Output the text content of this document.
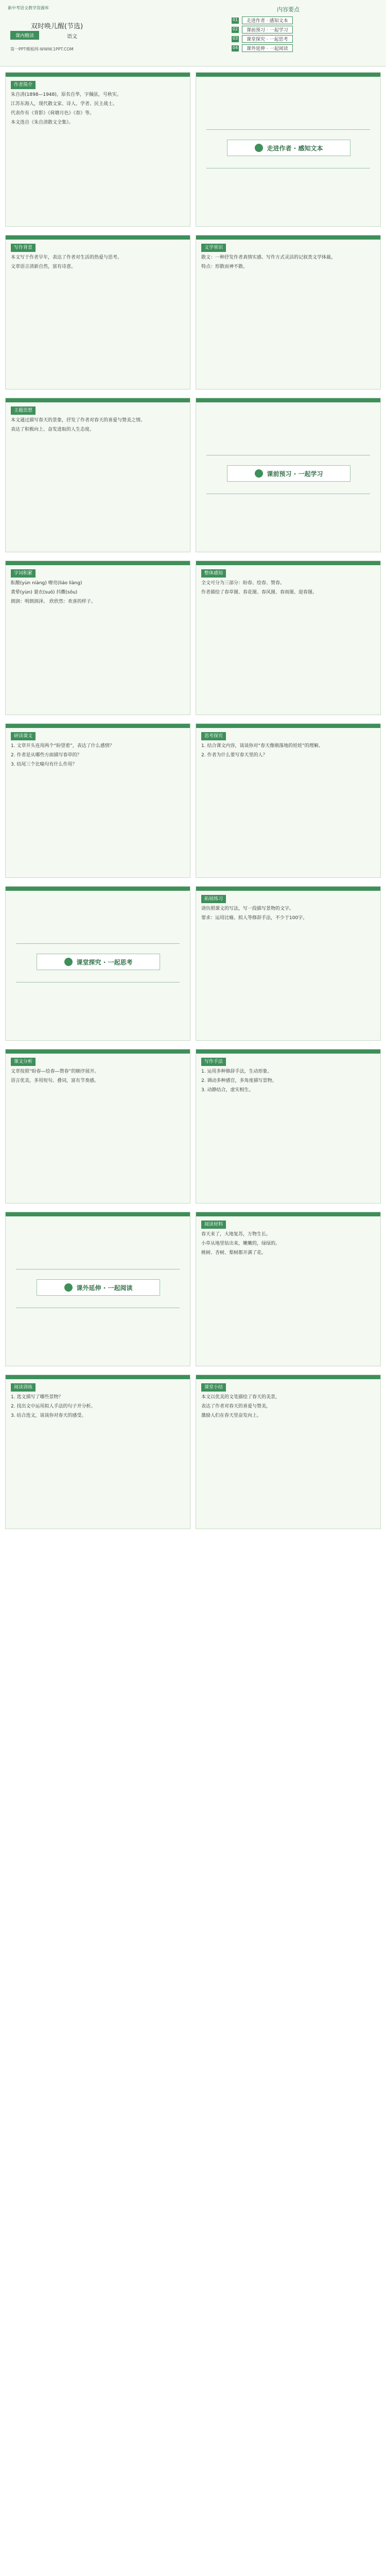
新中考语文教学资源库
双时唤儿醒(节选)
课内精读	语文
第一PPT模板网-WWW.1PPT.COM
内容要点
01	走进作者 · 感知文本
02	课前预习 · 一起学习
03	课堂探究 · 一起思考
04	课外延伸 · 一起阅读
作者简介

朱自清(1898—1948)，原名自华，字佩弦，号秋实。

江苏东海人，现代散文家、诗人、学者、民主战士。

代表作有《背影》《荷塘月色》《春》等。

本文选自《朱自清散文全集》。

走进作者 · 感知文本
写作背景

本文写于作者早年，表达了作者对生活的热爱与思考。

文章语言清新自然，富有诗意。

文学常识

散文：一种抒发作者真情实感、写作方式灵活的记叙类文学体裁。

特点：形散而神不散。

主题思想

本文通过描写春天的景象，抒发了作者对春天的喜爱与赞美之情。

表达了积极向上、奋发进取的人生态度。

课前预习 · 一起学习
字词积累

酝酿(yùn niàng) 嘹亮(liáo liàng)

黄晕(yùn) 蓑衣(suō) 抖擞(sǒu)

朗润：明朗润泽。 欣欣然：欢喜的样子。

整体感知

全文可分为三部分：盼春、绘春、赞春。

作者描绘了春草图、春花图、春风图、春雨图、迎春图。

研读课文

1. 文章开头连用两个“盼望着”，表达了什么感情？

2. 作者是从哪些方面描写春草的？

3. 结尾三个比喻句有什么作用？

思考探究

1. 结合课文内容，谈谈你对“春天像刚落地的娃娃”的理解。

2. 作者为什么要写春天里的人？

课堂探究 · 一起思考
拓展练习

请仿照课文的写法，写一段描写景物的文字。

要求：运用比喻、拟人等修辞手法，不少于100字。

课文分析

文章按照“盼春—绘春—赞春”的顺序展开。

语言优美，多用短句、叠词，富有节奏感。

写作手法

1. 运用多种修辞手法，生动形象。

2. 调动多种感官，多角度描写景物。

3. 动静结合，虚实相生。

课外延伸 · 一起阅读
阅读材料

春天来了，大地复苏，万物生长。

小草从地里钻出来，嫩嫩的，绿绿的。

桃树、杏树、梨树都开满了花。

阅读训练

1. 选文描写了哪些景物？

2. 找出文中运用拟人手法的句子并分析。

3. 结合选文，谈谈你对春天的感受。

课堂小结

本文以优美的文笔描绘了春天的美景，

表达了作者对春天的喜爱与赞美，

激励人们在春天里奋发向上。
